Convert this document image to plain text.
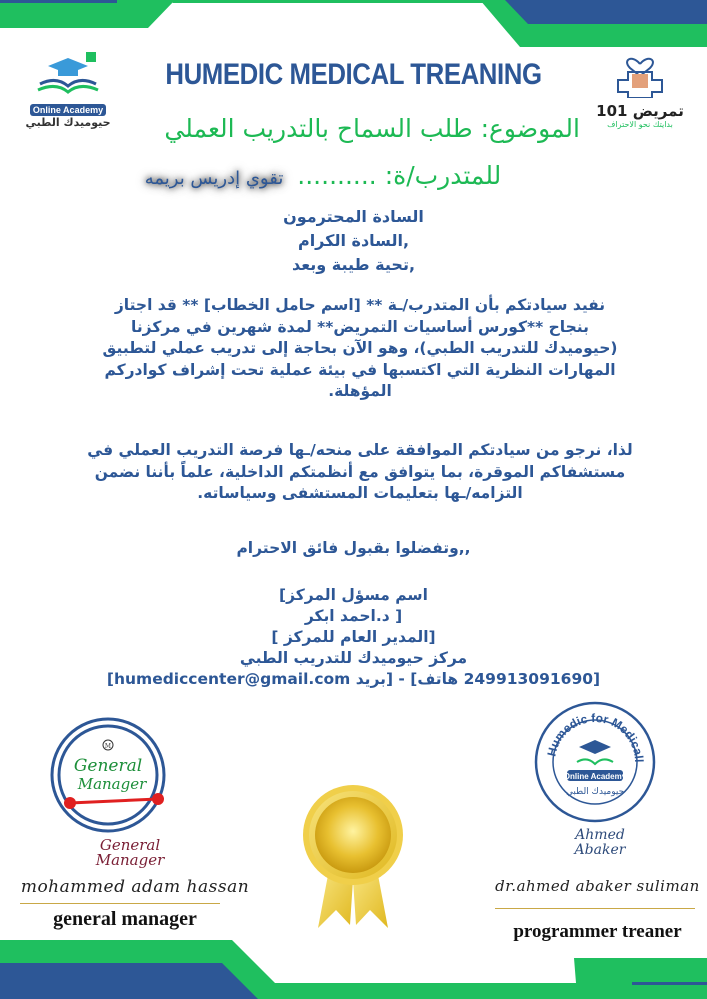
Online Academy
حيوميدك الطبي
HUMEDIC MEDICAL TREANING
تمريض 101
بدايتك نحو الاحتراف
الموضوع: طلب السماح بالتدريب العملي
للمتدرب/ة: .......... تقوي إدريس بريمه
السادة المحترمون
,السادة الكرام
,تحية طيبة وبعد
نفيد سيادتكم بأن المتدرب/ـة ** [اسم حامل الخطاب] ** قد اجتاز بنجاح **كورس أساسيات التمريض** لمدة شهرين في مركزنا (حيوميدك للتدريب الطبي)، وهو الآن بحاجة إلى تدريب عملي لتطبيق المهارات النظرية التي اكتسبها في بيئة عملية تحت إشراف كوادركم المؤهلة.
لذا، نرجو من سيادتكم الموافقة على منحه/ـها فرصة التدريب العملي في مستشفاكم الموقرة، بما يتوافق مع أنظمتكم الداخلية، علماً بأننا نضمن التزامه/ـها بتعليمات المستشفى وسياساته.
,,وتفضلوا بقبول فائق الاحترام
اسم مسؤل المركز]
[ د.احمد ابكر
[المدير العام للمركز ]
مركز حيوميدك للتدريب الطبي
[249913091690 هاتف] - [بريد humediccenter@gmail.com]
M
General
Manager
General Manager
mohammed adam hassan
general manager
Humedic for Medicall
Online Academy
حيوميدك الطبي
Ahmed Abaker
dr.ahmed abaker suliman
programmer treaner
